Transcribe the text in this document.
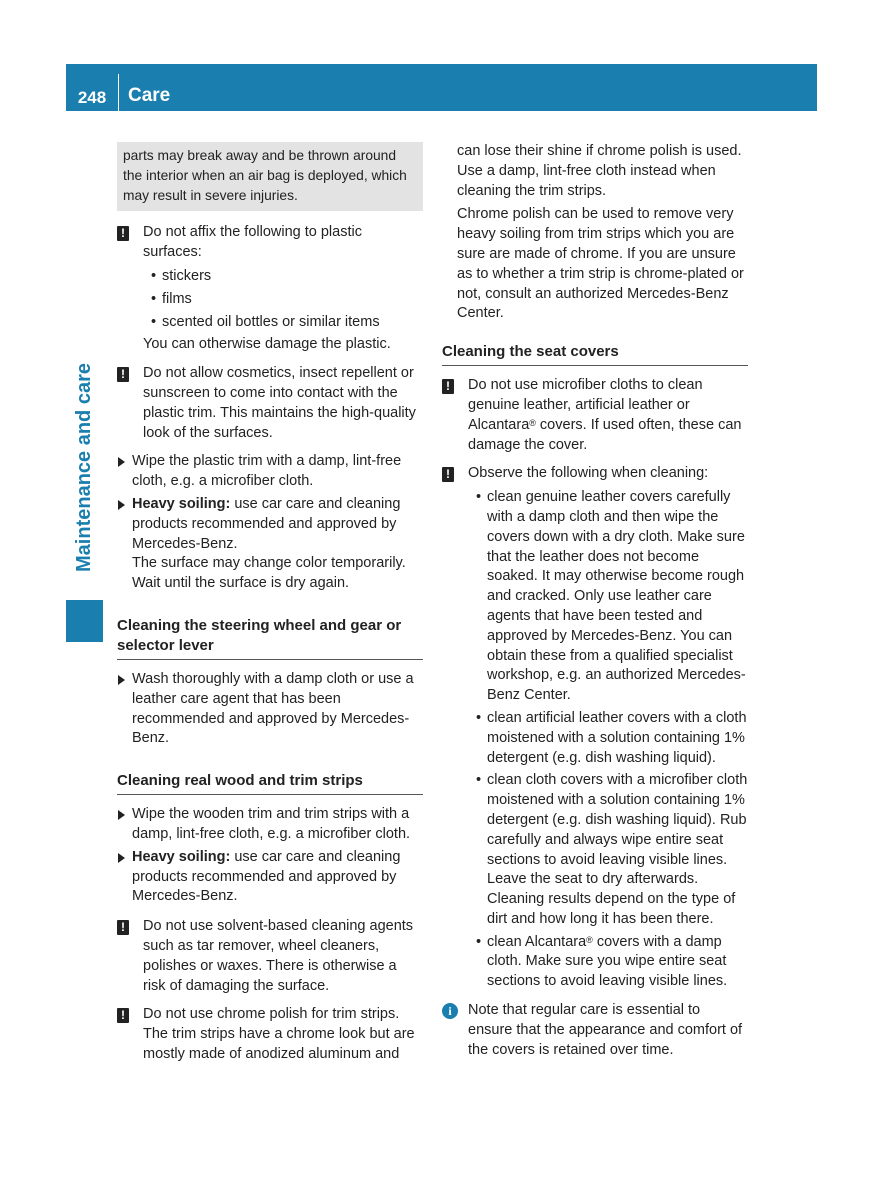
248	Care
Maintenance and care
parts may break away and be thrown around the interior when an air bag is deployed, which may result in severe injuries.
!	Do not affix the following to plastic surfaces:
• stickers
• films
• scented oil bottles or similar items
You can otherwise damage the plastic.
!	Do not allow cosmetics, insect repellent or sunscreen to come into contact with the plastic trim. This maintains the high-quality look of the surfaces.
Wipe the plastic trim with a damp, lint-free cloth, e.g. a microfiber cloth.
Heavy soiling: use car care and cleaning products recommended and approved by Mercedes-Benz.
The surface may change color temporarily. Wait until the surface is dry again.
Cleaning the steering wheel and gear or selector lever
Wash thoroughly with a damp cloth or use a leather care agent that has been recommended and approved by Mercedes-Benz.
Cleaning real wood and trim strips
Wipe the wooden trim and trim strips with a damp, lint-free cloth, e.g. a microfiber cloth.
Heavy soiling: use car care and cleaning products recommended and approved by Mercedes-Benz.
!	Do not use solvent-based cleaning agents such as tar remover, wheel cleaners, polishes or waxes. There is otherwise a risk of damaging the surface.
!	Do not use chrome polish for trim strips. The trim strips have a chrome look but are mostly made of anodized aluminum and
can lose their shine if chrome polish is used. Use a damp, lint-free cloth instead when cleaning the trim strips.
Chrome polish can be used to remove very heavy soiling from trim strips which you are sure are made of chrome. If you are unsure as to whether a trim strip is chrome-plated or not, consult an authorized Mercedes-Benz Center.
Cleaning the seat covers
!	Do not use microfiber cloths to clean genuine leather, artificial leather or Alcantara® covers. If used often, these can damage the cover.
!	Observe the following when cleaning:
• clean genuine leather covers carefully with a damp cloth and then wipe the covers down with a dry cloth. Make sure that the leather does not become soaked. It may otherwise become rough and cracked. Only use leather care agents that have been tested and approved by Mercedes-Benz. You can obtain these from a qualified specialist workshop, e.g. an authorized Mercedes-Benz Center.
• clean artificial leather covers with a cloth moistened with a solution containing 1% detergent (e.g. dish washing liquid).
• clean cloth covers with a microfiber cloth moistened with a solution containing 1% detergent (e.g. dish washing liquid). Rub carefully and always wipe entire seat sections to avoid leaving visible lines. Leave the seat to dry afterwards. Cleaning results depend on the type of dirt and how long it has been there.
• clean Alcantara® covers with a damp cloth. Make sure you wipe entire seat sections to avoid leaving visible lines.
i	Note that regular care is essential to ensure that the appearance and comfort of the covers is retained over time.
